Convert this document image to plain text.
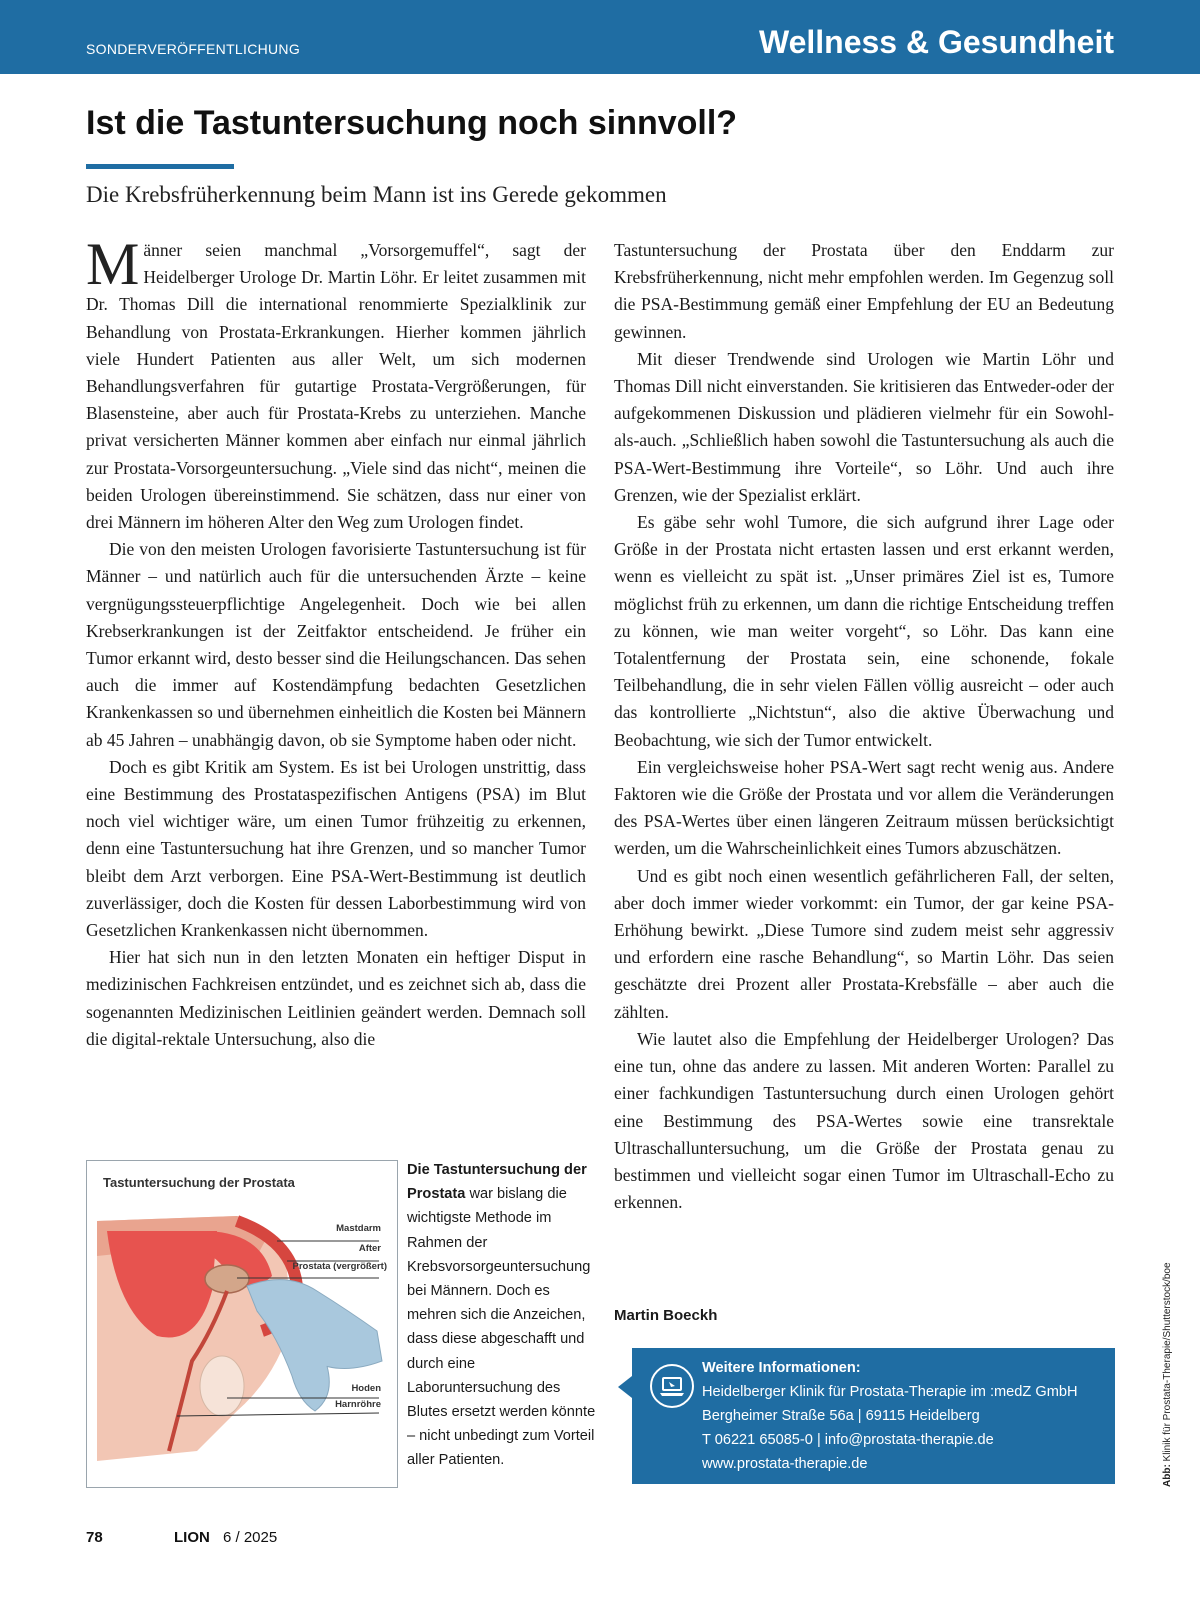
SONDERVERÖFFENTLICHUNG	Wellness & Gesundheit
Ist die Tastuntersuchung noch sinnvoll?
Die Krebsfrüherkennung beim Mann ist ins Gerede gekommen

Männer seien manchmal „Vorsorgemuffel“, sagt der Heidelberger Urologe Dr. Martin Löhr. Er leitet zusammen mit Dr. Thomas Dill die international renommierte Spezialklinik zur Behandlung von Prostata-Erkrankungen. Hierher kommen jährlich viele Hundert Patienten aus aller Welt, um sich modernen Behandlungsverfahren für gutartige Prostata-Vergrößerungen, für Blasensteine, aber auch für Prostata-Krebs zu unterziehen. Manche privat versicherten Männer kommen aber einfach nur einmal jährlich zur Prostata-Vorsorgeuntersuchung. „Viele sind das nicht“, meinen die beiden Urologen übereinstimmend. Sie schätzen, dass nur einer von drei Männern im höheren Alter den Weg zum Urologen findet.

Die von den meisten Urologen favorisierte Tastuntersuchung ist für Männer – und natürlich auch für die untersuchenden Ärzte – keine vergnügungssteuerpflichtige Angelegenheit. Doch wie bei allen Krebserkrankungen ist der Zeitfaktor entscheidend. Je früher ein Tumor erkannt wird, desto besser sind die Heilungschancen. Das sehen auch die immer auf Kostendämpfung bedachten Gesetzlichen Krankenkassen so und übernehmen einheitlich die Kosten bei Männern ab 45 Jahren – unabhängig davon, ob sie Symptome haben oder nicht.

Doch es gibt Kritik am System. Es ist bei Urologen unstrittig, dass eine Bestimmung des Prostataspezifischen Antigens (PSA) im Blut noch viel wichtiger wäre, um einen Tumor frühzeitig zu erkennen, denn eine Tastuntersuchung hat ihre Grenzen, und so mancher Tumor bleibt dem Arzt verborgen. Eine PSA-Wert-Bestimmung ist deutlich zuverlässiger, doch die Kosten für dessen Laborbestimmung wird von Gesetzlichen Krankenkassen nicht übernommen.

Hier hat sich nun in den letzten Monaten ein heftiger Disput in medizinischen Fachkreisen entzündet, und es zeichnet sich ab, dass die sogenannten Medizinischen Leitlinien geändert werden. Demnach soll die digital-rektale Untersuchung, also die

Tastuntersuchung der Prostata über den Enddarm zur Krebsfrüherkennung, nicht mehr empfohlen werden. Im Gegenzug soll die PSA-Bestimmung gemäß einer Empfehlung der EU an Bedeutung gewinnen.

Mit dieser Trendwende sind Urologen wie Martin Löhr und Thomas Dill nicht einverstanden. Sie kritisieren das Entweder-oder der aufgekommenen Diskussion und plädieren vielmehr für ein Sowohl-als-auch. „Schließlich haben sowohl die Tastuntersuchung als auch die PSA-Wert-Bestimmung ihre Vorteile“, so Löhr. Und auch ihre Grenzen, wie der Spezialist erklärt.

Es gäbe sehr wohl Tumore, die sich aufgrund ihrer Lage oder Größe in der Prostata nicht ertasten lassen und erst erkannt werden, wenn es vielleicht zu spät ist. „Unser primäres Ziel ist es, Tumore möglichst früh zu erkennen, um dann die richtige Entscheidung treffen zu können, wie man weiter vorgeht“, so Löhr. Das kann eine Totalentfernung der Prostata sein, eine schonende, fokale Teilbehandlung, die in sehr vielen Fällen völlig ausreicht – oder auch das kontrollierte „Nichtstun“, also die aktive Überwachung und Beobachtung, wie sich der Tumor entwickelt.

Ein vergleichsweise hoher PSA-Wert sagt recht wenig aus. Andere Faktoren wie die Größe der Prostata und vor allem die Veränderungen des PSA-Wertes über einen längeren Zeitraum müssen berücksichtigt werden, um die Wahrscheinlichkeit eines Tumors abzuschätzen.

Und es gibt noch einen wesentlich gefährlicheren Fall, der selten, aber doch immer wieder vorkommt: ein Tumor, der gar keine PSA-Erhöhung bewirkt. „Diese Tumore sind zudem meist sehr aggressiv und erfordern eine rasche Behandlung“, so Martin Löhr. Das seien geschätzte drei Prozent aller Prostata-Krebsfälle – aber auch die zählten.

Wie lautet also die Empfehlung der Heidelberger Urologen? Das eine tun, ohne das andere zu lassen. Mit anderen Worten: Parallel zu einer fachkundigen Tastuntersuchung durch einen Urologen gehört eine Bestimmung des PSA-Wertes sowie eine transrektale Ultraschalluntersuchung, um die Größe der Prostata genau zu bestimmen und vielleicht sogar einen Tumor im Ultraschall-Echo zu erkennen.

Martin Boeckh
Tastuntersuchung der Prostata
Mastdarm
After
Prostata (vergrößert)
Hoden
Harnröhre
Die Tastuntersuchung der Prostata war bislang die wichtigste Methode im Rahmen der Krebsvorsorgeuntersuchung bei Männern. Doch es mehren sich die Anzeichen, dass diese abgeschafft und durch eine Laboruntersuchung des Blutes ersetzt werden könnte – nicht unbedingt zum Vorteil aller Patienten.
Weitere Informationen:
Heidelberger Klinik für Prostata-Therapie im :medZ GmbH
Bergheimer Straße 56a | 69115 Heidelberg
T 06221 65085-0 | info@prostata-therapie.de
www.prostata-therapie.de
Abb: Klinik für Prostata-Therapie/Shutterstock/boe
78	LION 6 / 2025
